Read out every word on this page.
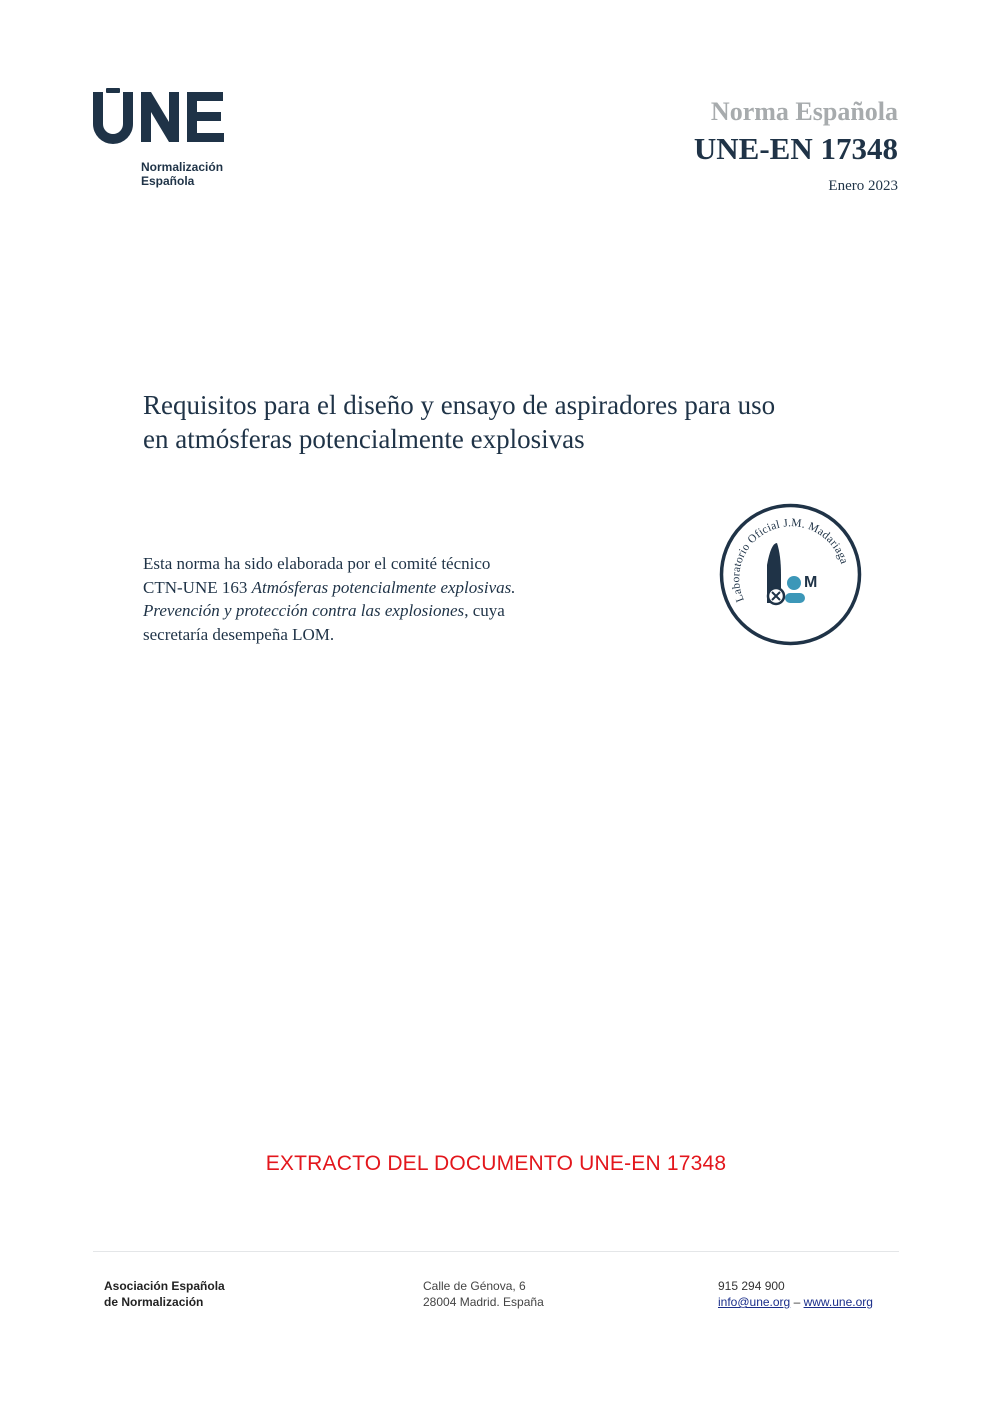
Normalización
Española
Norma Española
UNE-EN 17348
Enero 2023
Requisitos para el diseño y ensayo de aspiradores para uso
en atmósferas potencialmente explosivas
Esta norma ha sido elaborada por el comité técnico
CTN-UNE 163 Atmósferas potencialmente explosivas.
Prevención y protección contra las explosiones, cuya
secretaría desempeña LOM.
Laboratorio Oficial J.M. Madariaga
M
EXTRACTO DEL DOCUMENTO UNE-EN 17348
Asociación Española
de Normalización
Calle de Génova, 6
28004 Madrid. España
915 294 900
info@une.org – www.une.org
